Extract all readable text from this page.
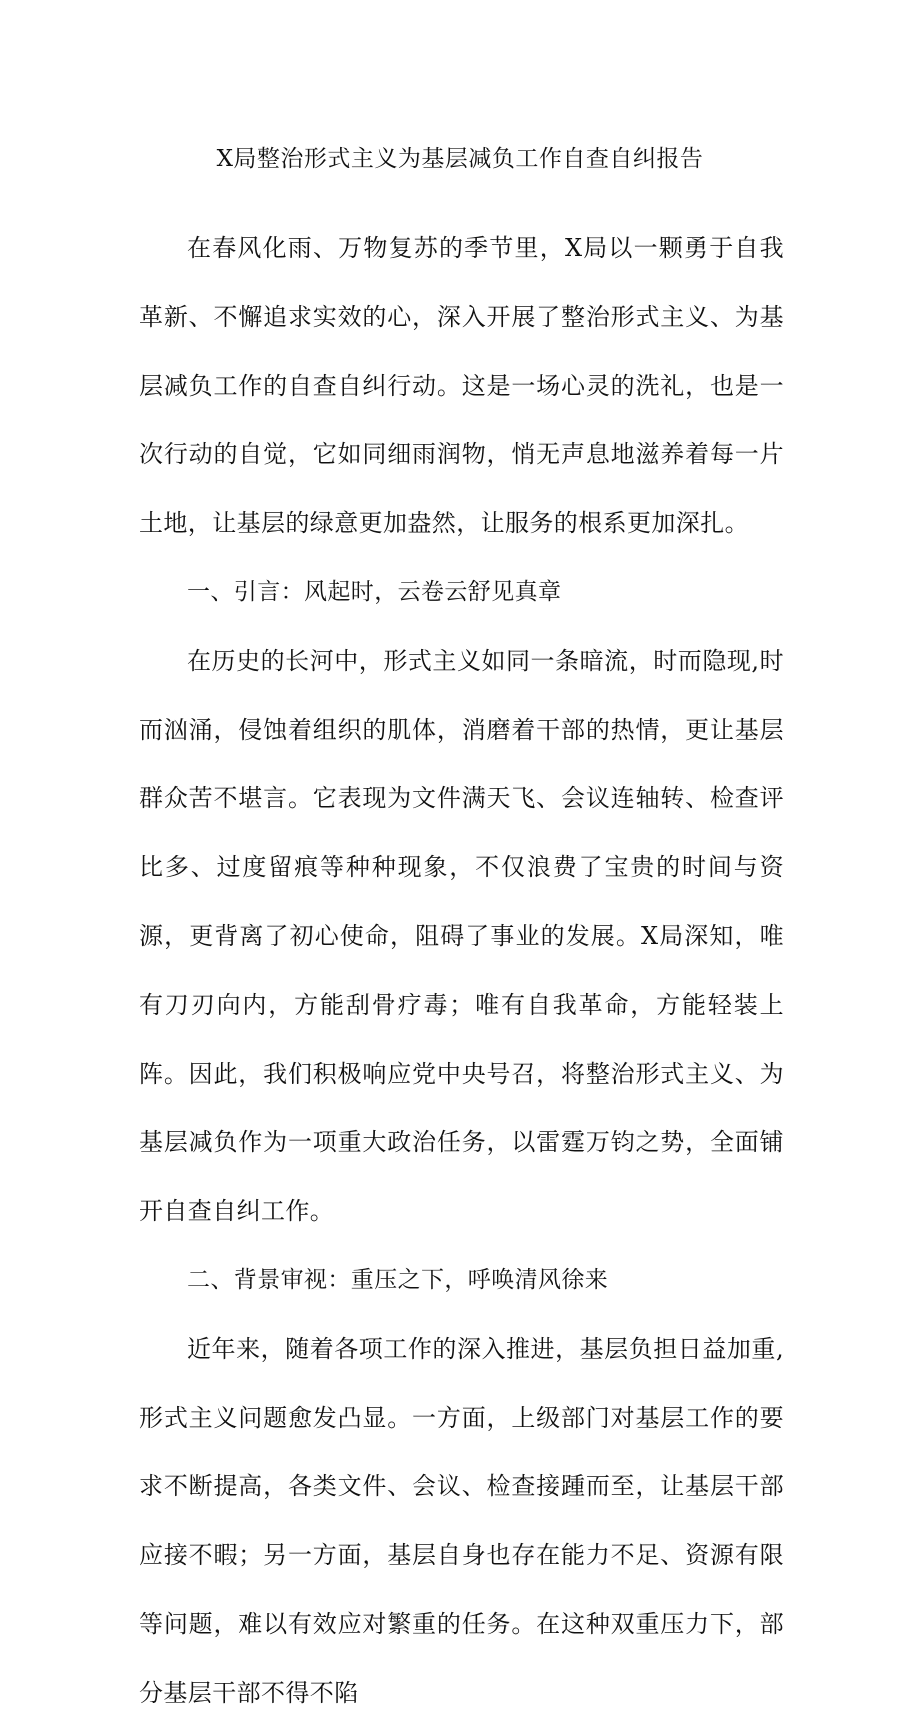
X局整治形式主义为基层减负工作自查自纠报告

在春风化雨、万物复苏的季节里，X局以一颗勇于自我革新、不懈追求实效的心，深入开展了整治形式主义、为基层减负工作的自查自纠行动。这是一场心灵的洗礼，也是一次行动的自觉，它如同细雨润物，悄无声息地滋养着每一片土地，让基层的绿意更加盎然，让服务的根系更加深扎。

一、引言：风起时，云卷云舒见真章

在历史的长河中，形式主义如同一条暗流，时而隐现,时而汹涌，侵蚀着组织的肌体，消磨着干部的热情，更让基层群众苦不堪言。它表现为文件满天飞、会议连轴转、检查评比多、过度留痕等种种现象，不仅浪费了宝贵的时间与资源，更背离了初心使命，阻碍了事业的发展。X局深知，唯有刀刃向内，方能刮骨疗毒；唯有自我革命，方能轻装上阵。因此，我们积极响应党中央号召，将整治形式主义、为基层减负作为一项重大政治任务，以雷霆万钧之势，全面铺开自查自纠工作。

二、背景审视：重压之下，呼唤清风徐来

近年来，随着各项工作的深入推进，基层负担日益加重,形式主义问题愈发凸显。一方面，上级部门对基层工作的要求不断提高，各类文件、会议、检查接踵而至，让基层干部应接不暇；另一方面，基层自身也存在能力不足、资源有限等问题，难以有效应对繁重的任务。在这种双重压力下，部分基层干部不得不陷
